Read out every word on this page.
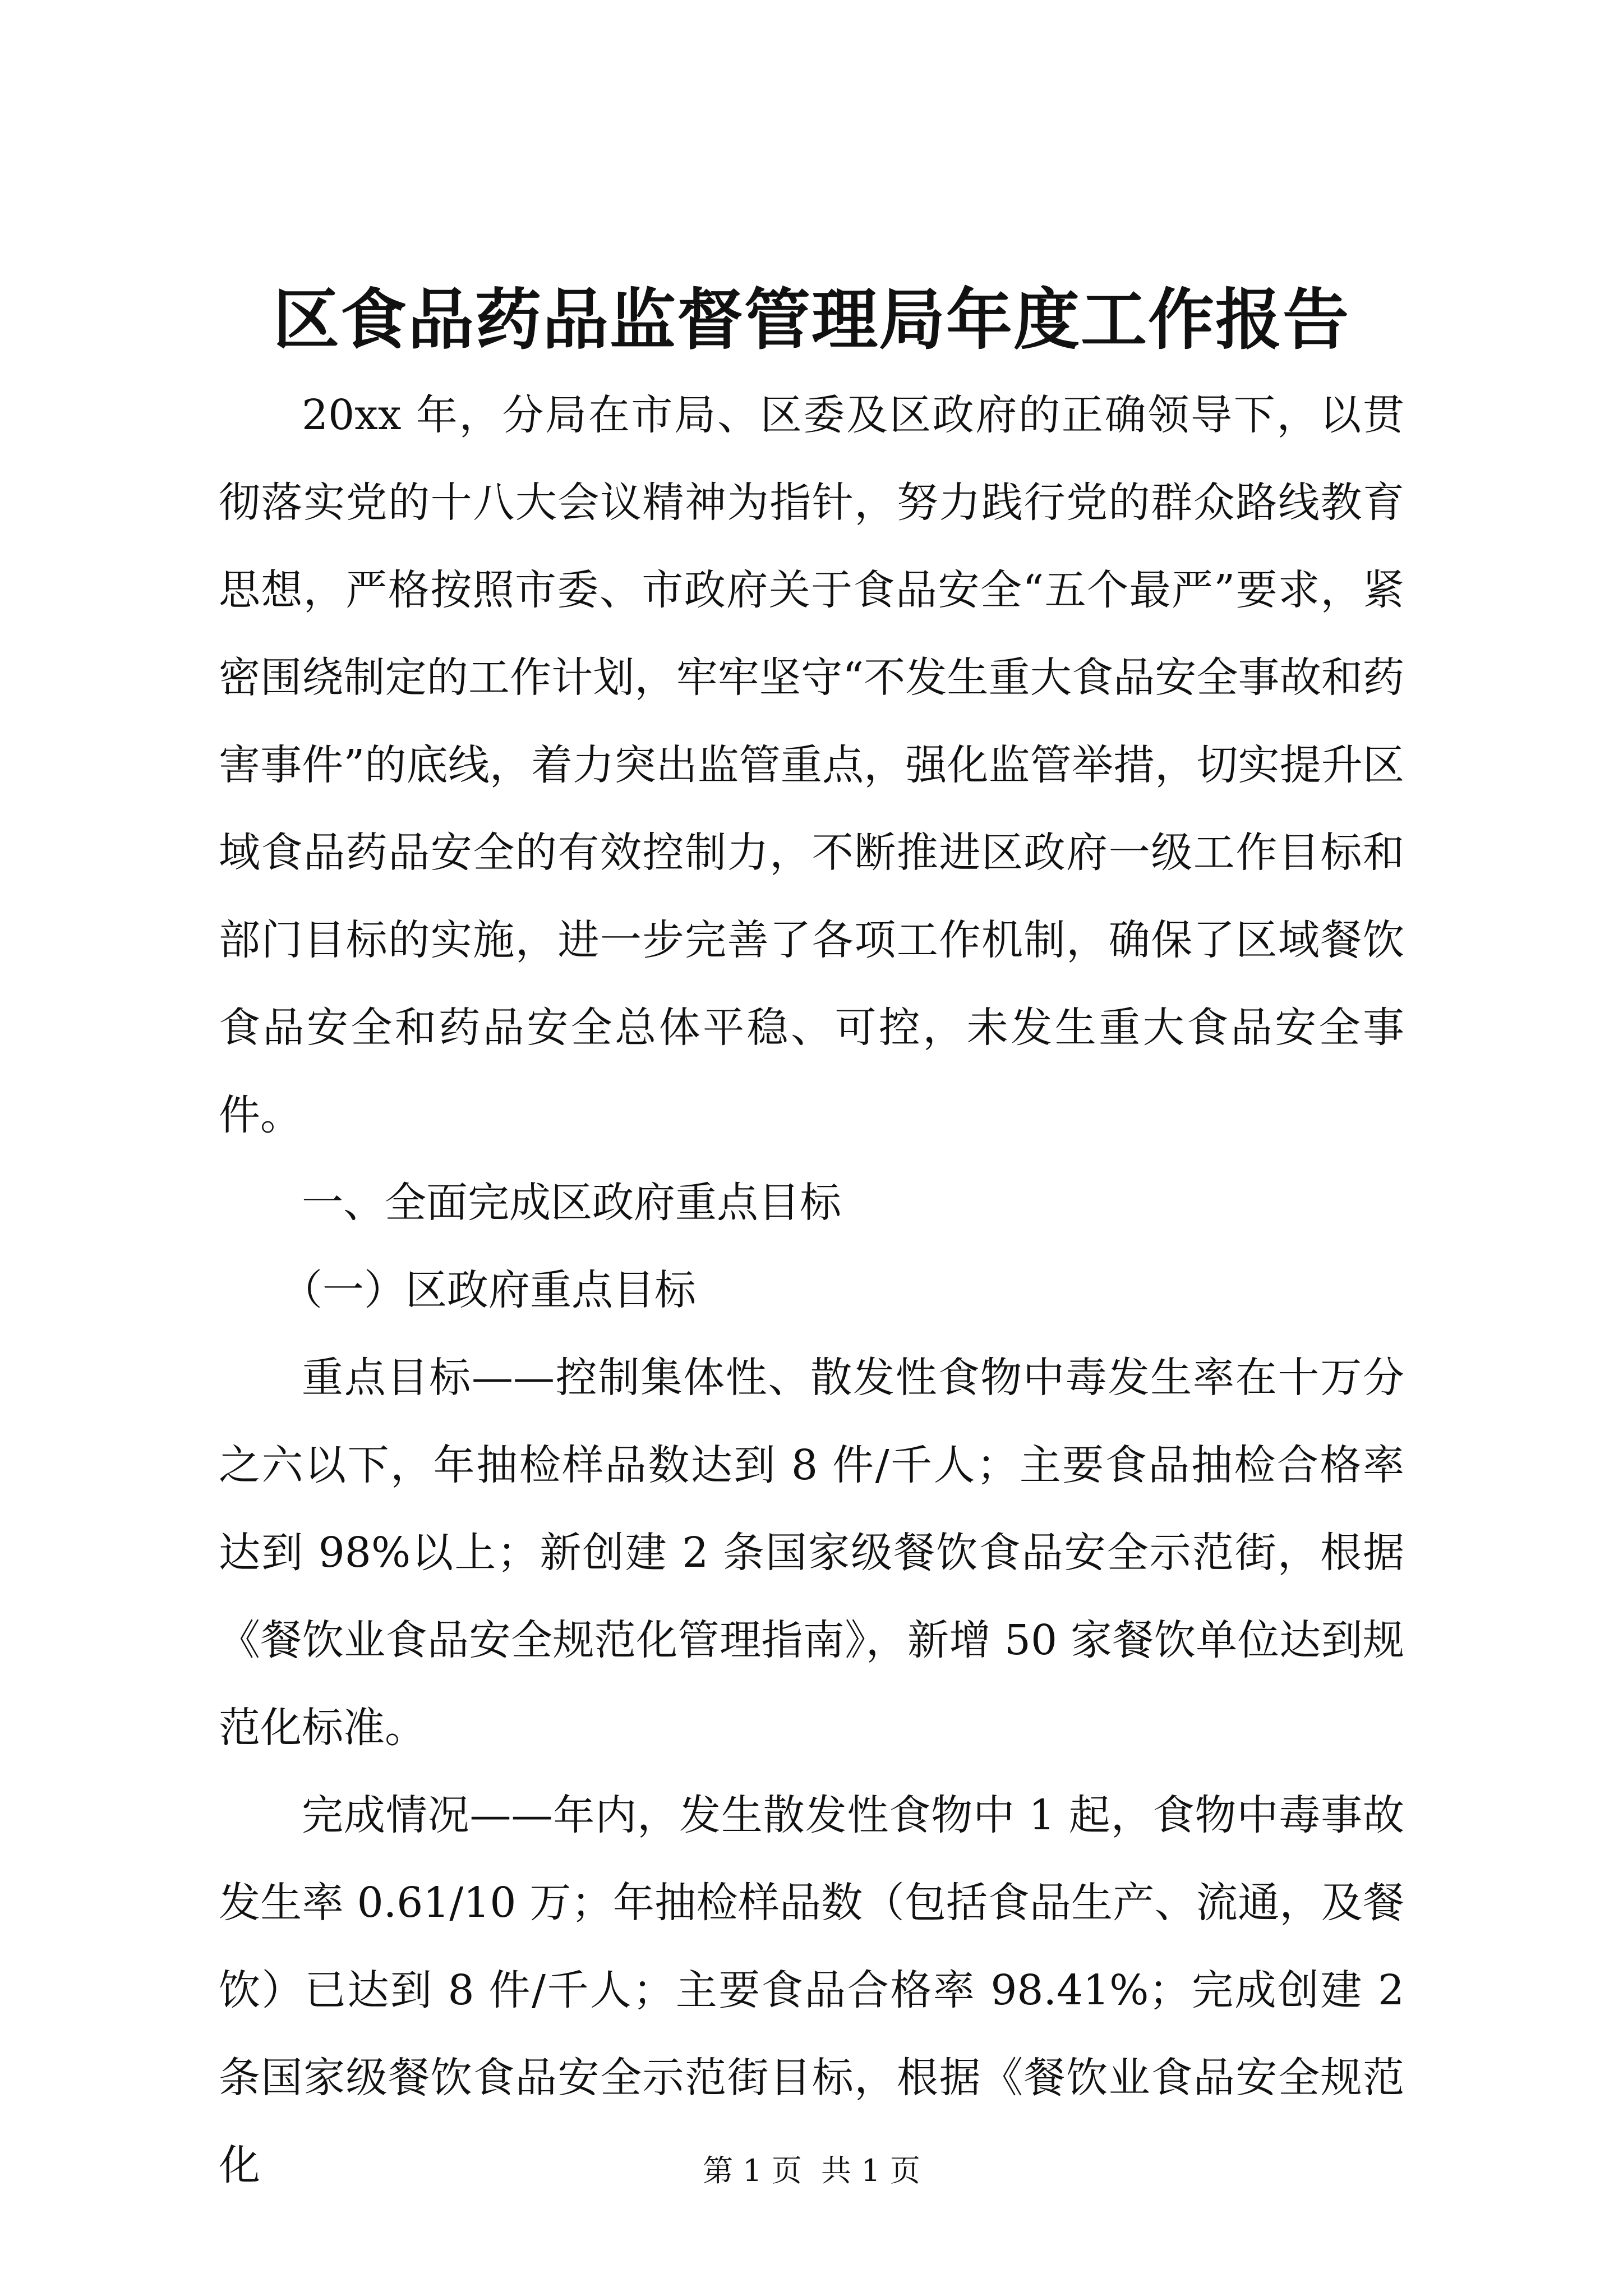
区食品药品监督管理局年度工作报告

20xx 年，分局在市局、区委及区政府的正确领导下，以贯彻落实党的十八大会议精神为指针，努力践行党的群众路线教育思想，严格按照市委、市政府关于食品安全“五个最严”要求，紧密围绕制定的工作计划，牢牢坚守“不发生重大食品安全事故和药害事件”的底线，着力突出监管重点，强化监管举措，切实提升区域食品药品安全的有效控制力，不断推进区政府一级工作目标和部门目标的实施，进一步完善了各项工作机制，确保了区域餐饮食品安全和药品安全总体平稳、可控，未发生重大食品安全事件。

一、全面完成区政府重点目标

（一）区政府重点目标

重点目标——控制集体性、散发性食物中毒发生率在十万分之六以下，年抽检样品数达到 8 件/千人；主要食品抽检合格率达到 98%以上；新创建 2 条国家级餐饮食品安全示范街，根据《餐饮业食品安全规范化管理指南》，新增 50 家餐饮单位达到规范化标准。

完成情况——年内，发生散发性食物中 1 起，食物中毒事故发生率 0.61/10 万；年抽检样品数（包括食品生产、流通，及餐饮）已达到 8 件/千人；主要食品合格率 98.41%；完成创建 2 条国家级餐饮食品安全示范街目标，根据《餐饮业食品安全规范化	第 1 页  共 1 页
